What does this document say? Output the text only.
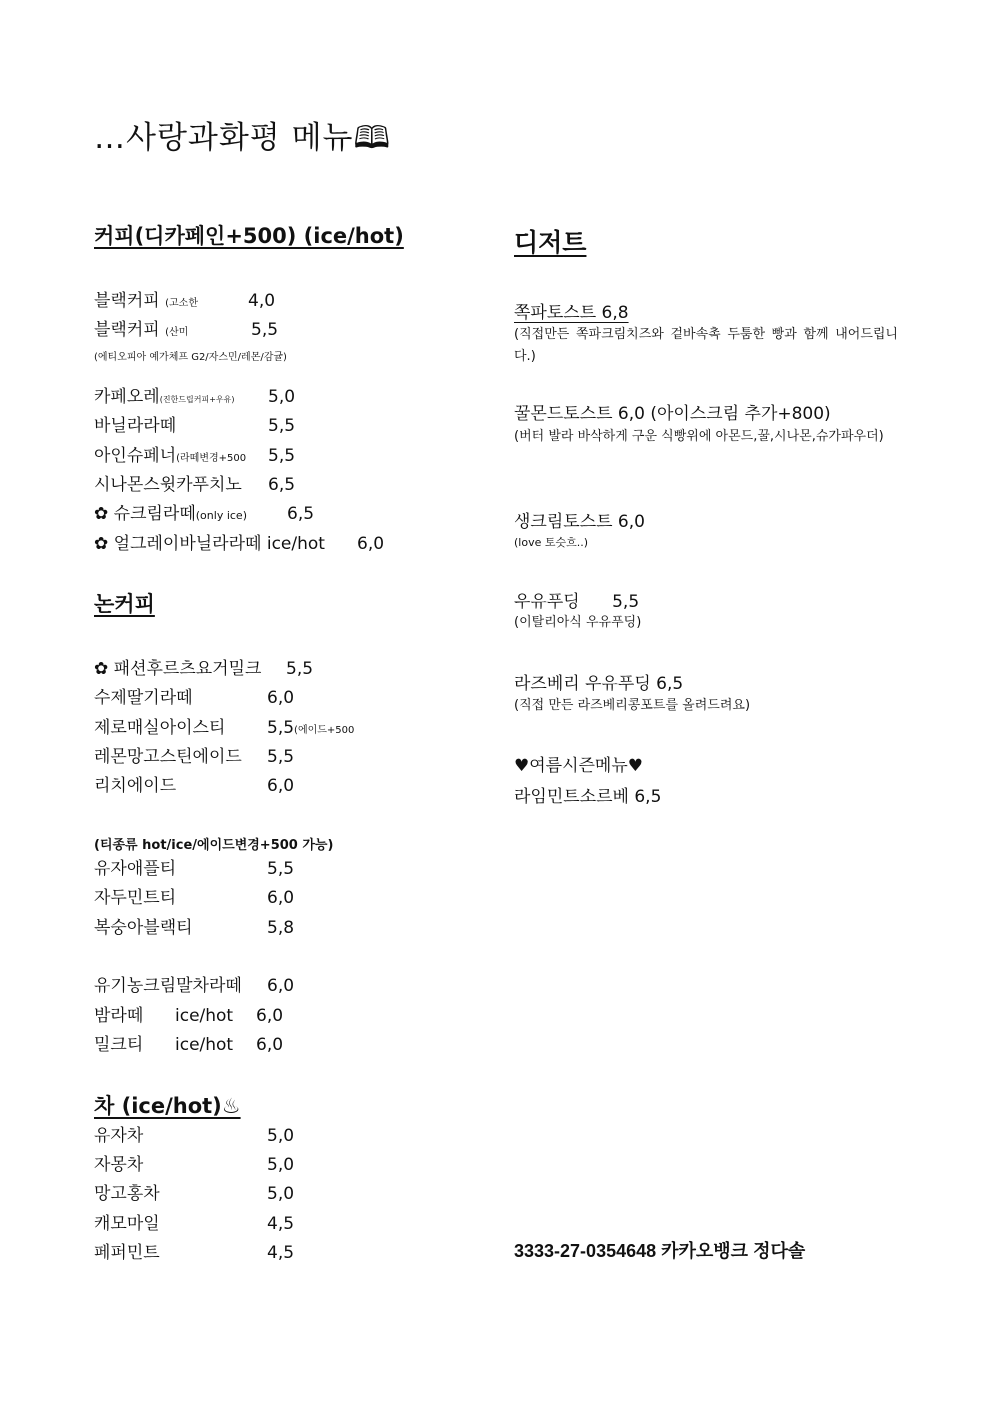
…사랑과화평 메뉴🕮
커피(디카페인+500) (ice/hot)
블랙커피 (고소한	4,0
블랙커피 (산미	5,5
(에티오피아 예가체프 G2/자스민/레몬/감귤)
카페오레(진한드립커피+우유) 5,0
바닐라라떼	5,5
아인슈페너(라떼변경+500 5,5
시나몬스윗카푸치노 6,5
✿ 슈크림라떼(only ice) 6,5
✿ 얼그레이바닐라라떼 ice/hot 6,0
논커피
✿ 패션후르츠요거밀크 5,5
수제딸기라떼	6,0
제로매실아이스티 5,5(에이드+500
레몬망고스틴에이드 5,5
리치에이드	6,0
(티종류 hot/ice/에이드변경+500 가능)
유자애플티	5,5
자두민트티	6,0
복숭아블랙티	5,8
유기농크림말차라떼 6,0
밤라떼 ice/hot 6,0
밀크티 ice/hot 6,0
차 (ice/hot)♨
유자차	5,0
자몽차	5,0
망고홍차	5,0
캐모마일	4,5
페퍼민트	4,5
디저트
쪽파토스트 6,8
(직접만든 쪽파크림치즈와 겉바속촉 두툼한 빵과 함께 내어드립니다.)
꿀몬드토스트 6,0 (아이스크림 추가+800)
(버터 발라 바삭하게 구운 식빵위에 아몬드,꿀,시나몬,슈가파우더)
생크림토스트 6,0
(love 토슷흐..)
우유푸딩      5,5
(이탈리아식 우유푸딩)
라즈베리 우유푸딩 6,5
(직접 만든 라즈베리콩포트를 올려드려요)
♥여름시즌메뉴♥
라임민트소르베 6,5
3333-27-0354648 카카오뱅크 정다솔
